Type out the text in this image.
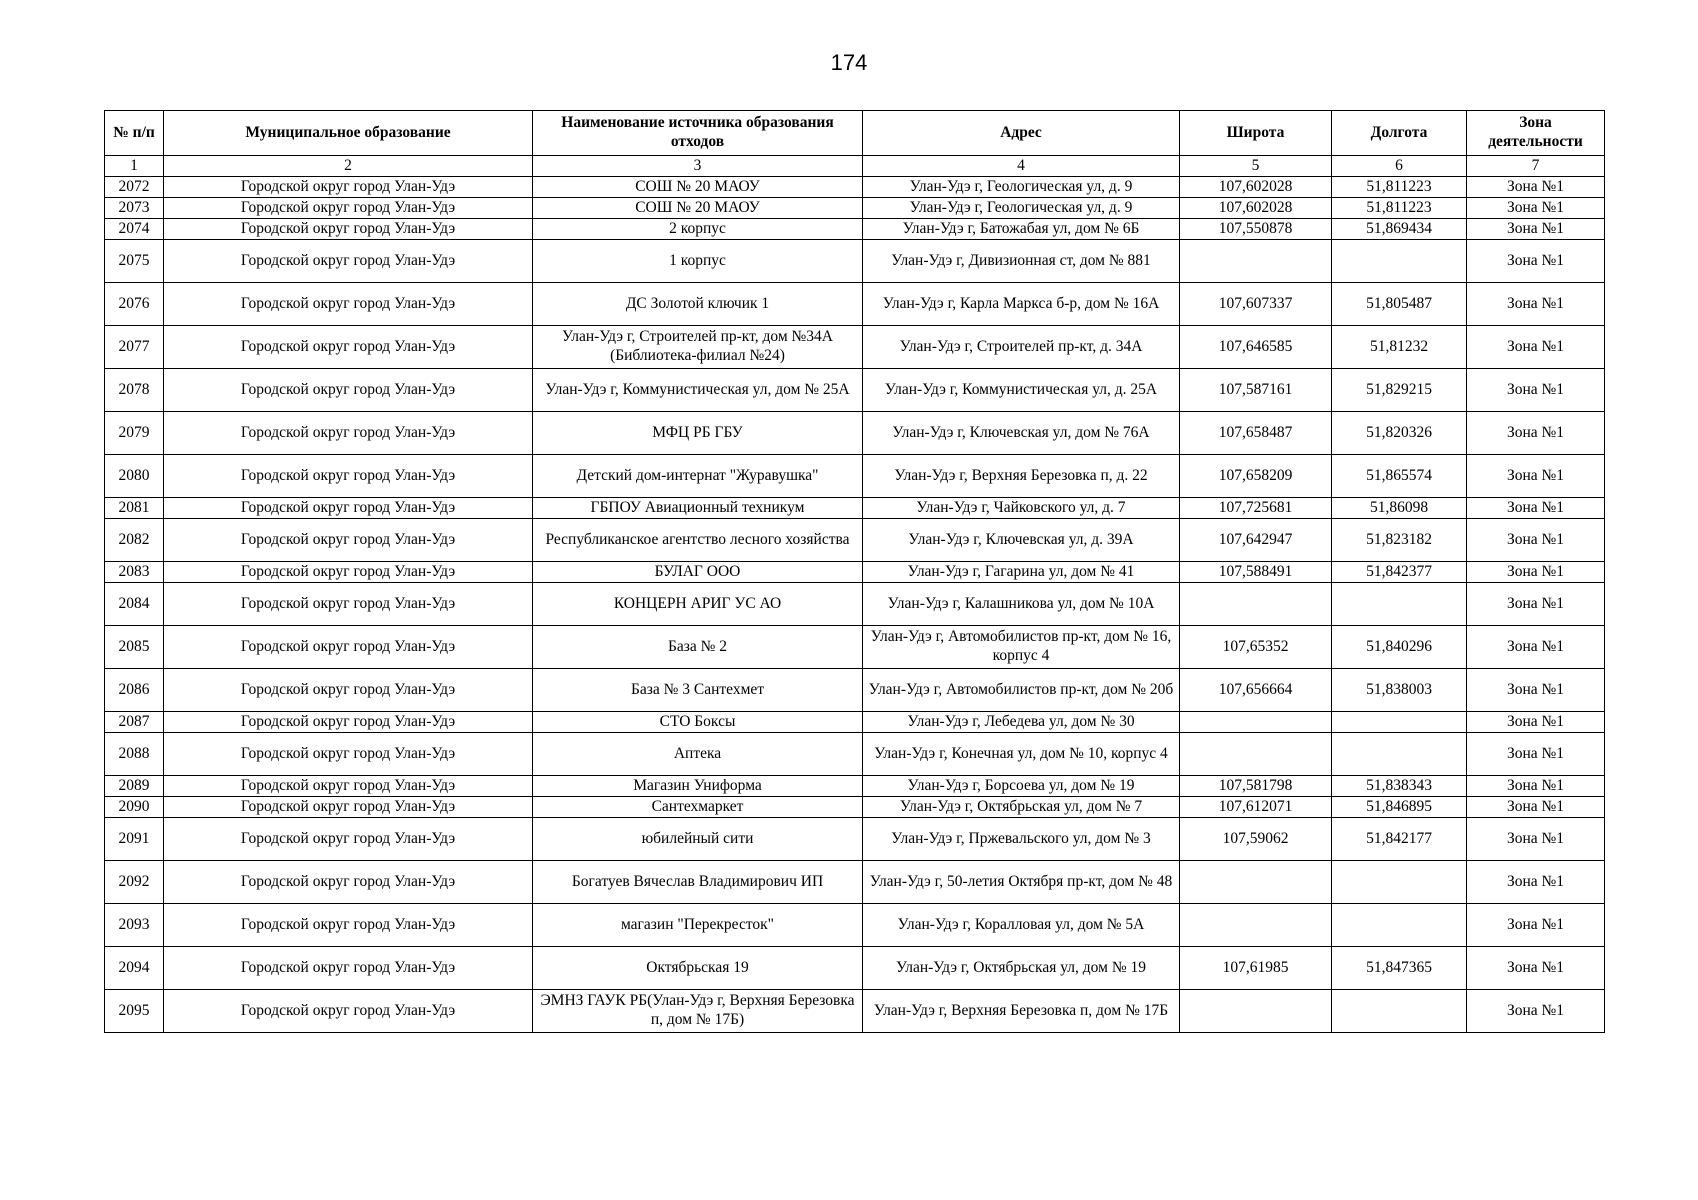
174
№ п/п	Муниципальное образование	Наименование источника образования отходов	Адрес	Широта	Долгота	Зона деятельности
1	2	3	4	5	6	7
2072	Городской округ город Улан-Удэ	СОШ № 20 МАОУ	Улан-Удэ г, Геологическая ул, д. 9	107,602028	51,811223	Зона №1
2073	Городской округ город Улан-Удэ	СОШ № 20 МАОУ	Улан-Удэ г, Геологическая ул, д. 9	107,602028	51,811223	Зона №1
2074	Городской округ город Улан-Удэ	2 корпус	Улан-Удэ г, Батожабая ул, дом № 6Б	107,550878	51,869434	Зона №1
2075	Городской округ город Улан-Удэ	1 корпус	Улан-Удэ г, Дивизионная ст, дом № 881			Зона №1
2076	Городской округ город Улан-Удэ	ДС Золотой ключик 1	Улан-Удэ г, Карла Маркса б-р, дом № 16А	107,607337	51,805487	Зона №1
2077	Городской округ город Улан-Удэ	Улан-Удэ г, Строителей пр-кт, дом №34А (Библиотека-филиал №24)	Улан-Удэ г, Строителей пр-кт, д. 34А	107,646585	51,81232	Зона №1
2078	Городской округ город Улан-Удэ	Улан-Удэ г, Коммунистическая ул, дом № 25А	Улан-Удэ г, Коммунистическая ул, д. 25А	107,587161	51,829215	Зона №1
2079	Городской округ город Улан-Удэ	МФЦ РБ ГБУ	Улан-Удэ г, Ключевская ул, дом № 76А	107,658487	51,820326	Зона №1
2080	Городской округ город Улан-Удэ	Детский дом-интернат "Журавушка"	Улан-Удэ г, Верхняя Березовка п, д. 22	107,658209	51,865574	Зона №1
2081	Городской округ город Улан-Удэ	ГБПОУ Авиационный техникум	Улан-Удэ г, Чайковского ул, д. 7	107,725681	51,86098	Зона №1
2082	Городской округ город Улан-Удэ	Республиканское агентство лесного хозяйства	Улан-Удэ г, Ключевская ул, д. 39А	107,642947	51,823182	Зона №1
2083	Городской округ город Улан-Удэ	БУЛАГ ООО	Улан-Удэ г, Гагарина ул, дом № 41	107,588491	51,842377	Зона №1
2084	Городской округ город Улан-Удэ	КОНЦЕРН АРИГ УС АО	Улан-Удэ г, Калашникова ул, дом № 10А			Зона №1
2085	Городской округ город Улан-Удэ	База № 2	Улан-Удэ г, Автомобилистов пр-кт, дом № 16, корпус 4	107,65352	51,840296	Зона №1
2086	Городской округ город Улан-Удэ	База № 3 Сантехмет	Улан-Удэ г, Автомобилистов пр-кт, дом № 20б	107,656664	51,838003	Зона №1
2087	Городской округ город Улан-Удэ	СТО Боксы	Улан-Удэ г, Лебедева ул, дом № 30			Зона №1
2088	Городской округ город Улан-Удэ	Аптека	Улан-Удэ г, Конечная ул, дом № 10, корпус 4			Зона №1
2089	Городской округ город Улан-Удэ	Магазин Униформа	Улан-Удэ г, Борсоева ул, дом № 19	107,581798	51,838343	Зона №1
2090	Городской округ город Улан-Удэ	Сантехмаркет	Улан-Удэ г, Октябрьская ул, дом № 7	107,612071	51,846895	Зона №1
2091	Городской округ город Улан-Удэ	юбилейный сити	Улан-Удэ г, Пржевальского ул, дом № 3	107,59062	51,842177	Зона №1
2092	Городской округ город Улан-Удэ	Богатуев Вячеслав Владимирович ИП	Улан-Удэ г, 50-летия Октября пр-кт, дом № 48			Зона №1
2093	Городской округ город Улан-Удэ	магазин "Перекресток"	Улан-Удэ г, Коралловая ул, дом № 5А			Зона №1
2094	Городской округ город Улан-Удэ	Октябрьская 19	Улан-Удэ г, Октябрьская ул, дом № 19	107,61985	51,847365	Зона №1
2095	Городской округ город Улан-Удэ	ЭМНЗ ГАУК РБ(Улан-Удэ г, Верхняя Березовка п, дом № 17Б)	Улан-Удэ г, Верхняя Березовка п, дом № 17Б			Зона №1
